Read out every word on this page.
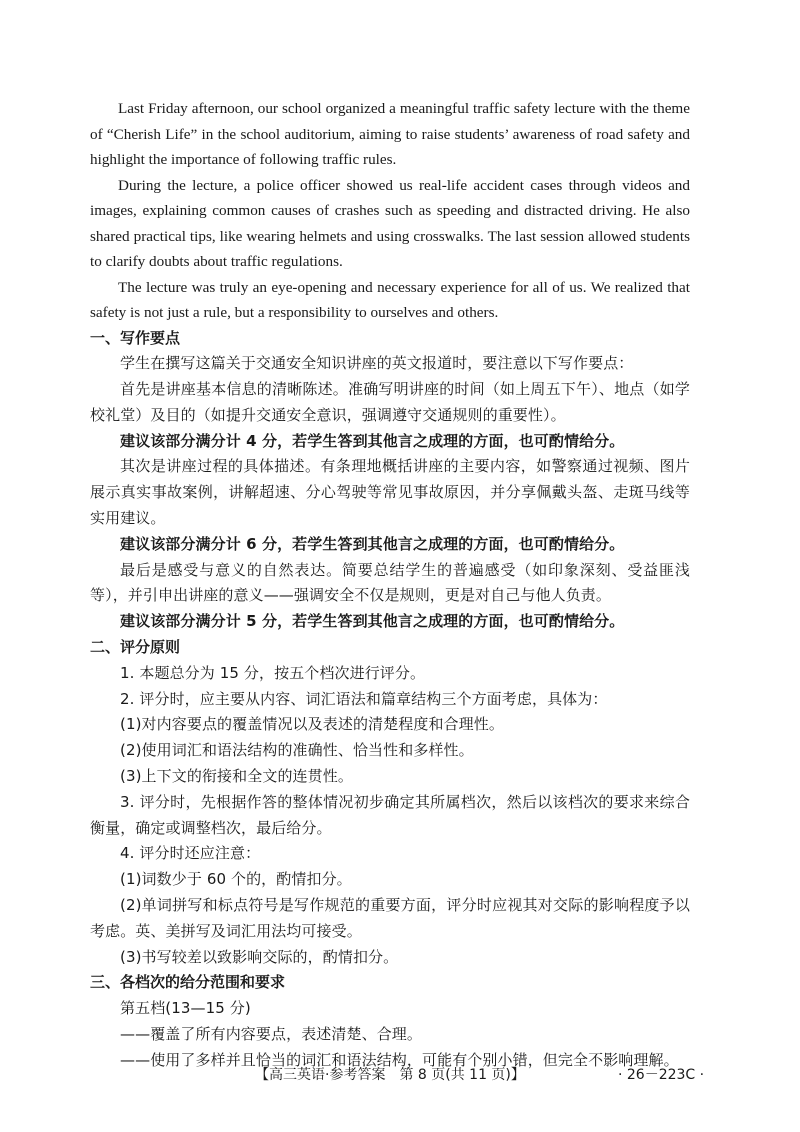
Last Friday afternoon, our school organized a meaningful traffic safety lecture with the theme of “Cherish Life” in the school auditorium, aiming to raise students’ awareness of road safety and highlight the importance of following traffic rules.

During the lecture, a police officer showed us real-life accident cases through videos and images, explaining common causes of crashes such as speeding and distracted driving. He also shared practical tips, like wearing helmets and using crosswalks. The last session allowed students to clarify doubts about traffic regulations.

The lecture was truly an eye-opening and necessary experience for all of us. We realized that safety is not just a rule, but a responsibility to ourselves and others.

一、写作要点

学生在撰写这篇关于交通安全知识讲座的英文报道时，要注意以下写作要点：

首先是讲座基本信息的清晰陈述。准确写明讲座的时间（如上周五下午）、地点（如学校礼堂）及目的（如提升交通安全意识，强调遵守交通规则的重要性）。

建议该部分满分计 4 分，若学生答到其他言之成理的方面，也可酌情给分。

其次是讲座过程的具体描述。有条理地概括讲座的主要内容，如警察通过视频、图片展示真实事故案例，讲解超速、分心驾驶等常见事故原因，并分享佩戴头盔、走斑马线等实用建议。

建议该部分满分计 6 分，若学生答到其他言之成理的方面，也可酌情给分。

最后是感受与意义的自然表达。简要总结学生的普遍感受（如印象深刻、受益匪浅等），并引申出讲座的意义——强调安全不仅是规则，更是对自己与他人负责。

建议该部分满分计 5 分，若学生答到其他言之成理的方面，也可酌情给分。

二、评分原则

1. 本题总分为 15 分，按五个档次进行评分。

2. 评分时，应主要从内容、词汇语法和篇章结构三个方面考虑，具体为：

(1)对内容要点的覆盖情况以及表述的清楚程度和合理性。

(2)使用词汇和语法结构的准确性、恰当性和多样性。

(3)上下文的衔接和全文的连贯性。

3. 评分时，先根据作答的整体情况初步确定其所属档次，然后以该档次的要求来综合衡量，确定或调整档次，最后给分。

4. 评分时还应注意：

(1)词数少于 60 个的，酌情扣分。

(2)单词拼写和标点符号是写作规范的重要方面，评分时应视其对交际的影响程度予以考虑。英、美拼写及词汇用法均可接受。

(3)书写较差以致影响交际的，酌情扣分。

三、各档次的给分范围和要求

第五档(13—15 分)

——覆盖了所有内容要点，表述清楚、合理。

——使用了多样并且恰当的词汇和语法结构，可能有个别小错，但完全不影响理解。

【高三英语·参考答案　第 8 页(共 11 页)】	· 26－223C ·
